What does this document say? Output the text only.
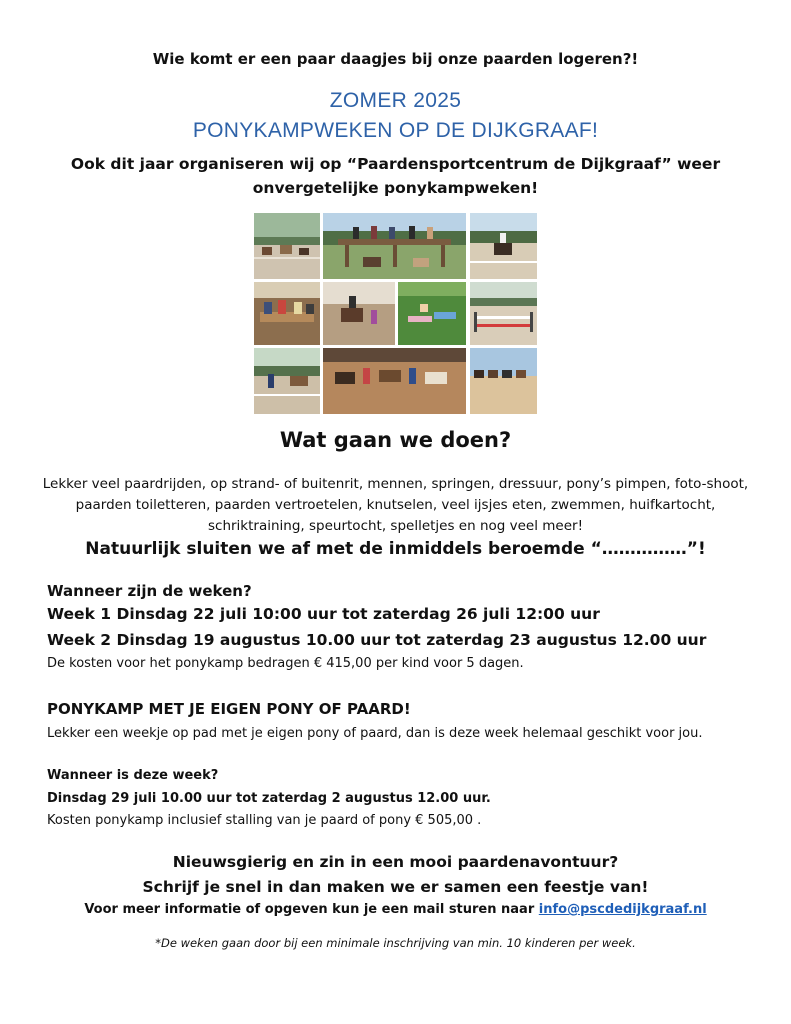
Wie komt er een paar daagjes bij onze paarden logeren?!
ZOMER 2025
PONYKAMPWEKEN OP DE DIJKGRAAF!
Ook dit jaar organiseren wij op “Paardensportcentrum de Dijkgraaf” weer
onvergetelijke ponykampweken!
Wat gaan we doen?
Lekker veel paardrijden, op strand- of buitenrit, mennen, springen, dressuur, pony’s pimpen, foto-shoot, paarden toiletteren, paarden vertroetelen, knutselen, veel ijsjes eten, zwemmen, huifkartocht, schriktraining, speurtocht, spelletjes en nog veel meer!
Natuurlijk sluiten we af met de inmiddels beroemde “……………”!
Wanneer zijn de weken?
Week 1 Dinsdag 22 juli 10:00 uur tot zaterdag 26 juli 12:00 uur
Week 2 Dinsdag 19 augustus 10.00 uur tot zaterdag 23 augustus 12.00 uur
De kosten voor het ponykamp bedragen € 415,00 per kind voor 5 dagen.
PONYKAMP MET JE EIGEN PONY OF PAARD!
Lekker een weekje op pad met je eigen pony of paard, dan is deze week helemaal geschikt voor jou.
Wanneer is deze week?
Dinsdag 29 juli 10.00 uur tot zaterdag 2 augustus 12.00 uur.
Kosten ponykamp inclusief stalling van je paard of pony € 505,00 .
Nieuwsgierig en zin in een mooi paardenavontuur?
Schrijf je snel in dan maken we er samen een feestje van!
Voor meer informatie of opgeven kun je een mail sturen naar info@pscdedijkgraaf.nl
*De weken gaan door bij een minimale inschrijving van min. 10 kinderen per week.
